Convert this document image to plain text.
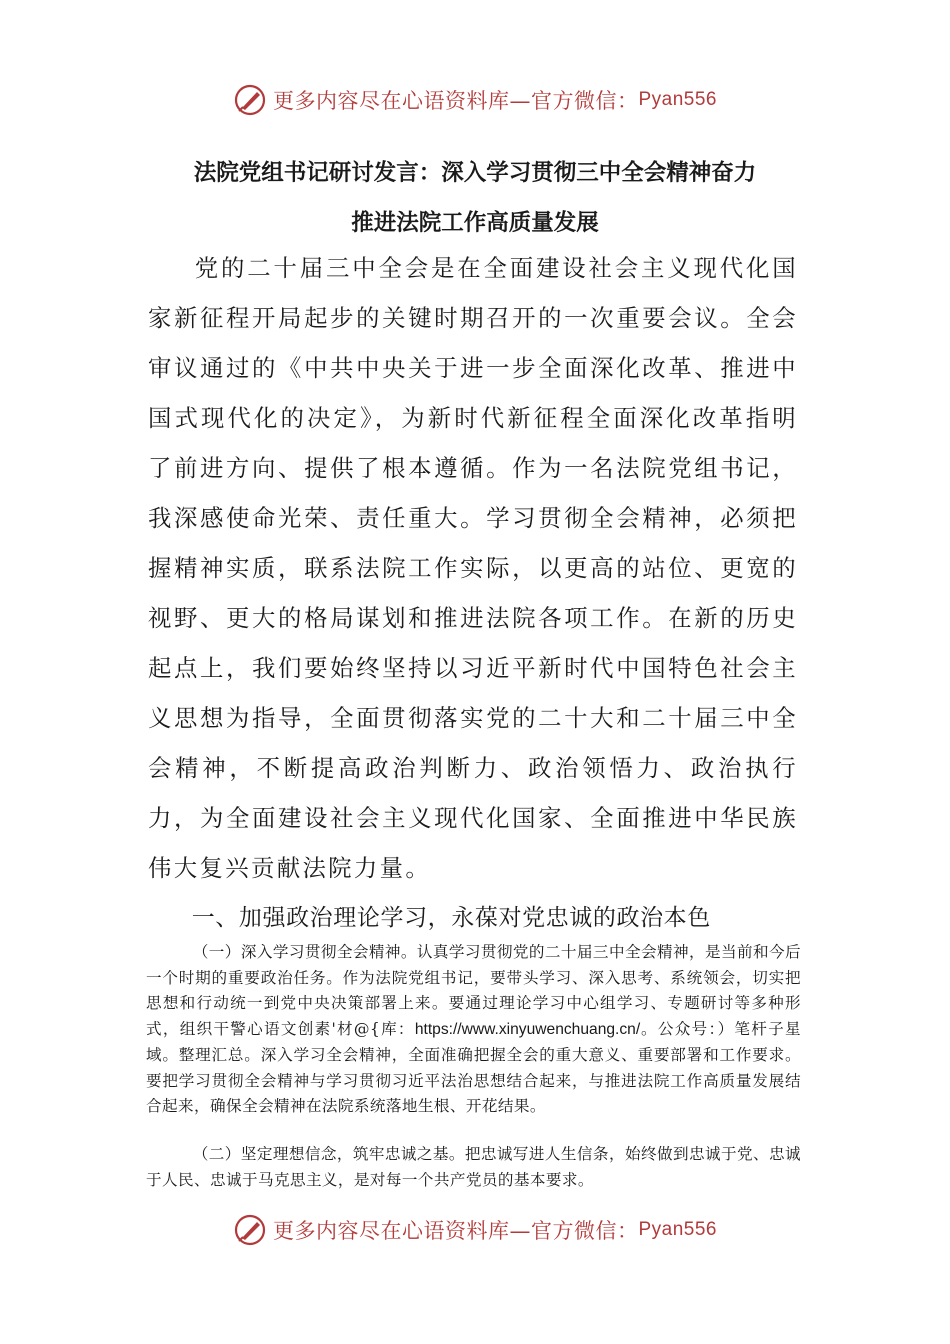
更多内容尽在心语资料库—官方微信： Pyan556
法院党组书记研讨发言：深入学习贯彻三中全会精神奋力
推进法院工作高质量发展

党的二十届三中全会是在全面建设社会主义现代化国家新征程开局起步的关键时期召开的一次重要会议。全会审议通过的《中共中央关于进一步全面深化改革、推进中国式现代化的决定》，为新时代新征程全面深化改革指明了前进方向、提供了根本遵循。作为一名法院党组书记，我深感使命光荣、责任重大。学习贯彻全会精神，必须把握精神实质，联系法院工作实际，以更高的站位、更宽的视野、更大的格局谋划和推进法院各项工作。在新的历史起点上，我们要始终坚持以习近平新时代中国特色社会主义思想为指导，全面贯彻落实党的二十大和二十届三中全会精神，不断提高政治判断力、政治领悟力、政治执行力，为全面建设社会主义现代化国家、全面推进中华民族伟大复兴贡献法院力量。

一、加强政治理论学习，永葆对党忠诚的政治本色

（一）深入学习贯彻全会精神。认真学习贯彻党的二十届三中全会精神，是当前和今后一个时期的重要政治任务。作为法院党组书记，要带头学习、深入思考、系统领会，切实把思想和行动统一到党中央决策部署上来。要通过理论学习中心组学习、专题研讨等多种形式，组织干警心语文创素'材@{库：https://www.xinyuwenchuang.cn/。公众号：）笔杆子星域。整理汇总。深入学习全会精神，全面准确把握全会的重大意义、重要部署和工作要求。要把学习贯彻全会精神与学习贯彻习近平法治思想结合起来，与推进法院工作高质量发展结合起来，确保全会精神在法院系统落地生根、开花结果。

（二）坚定理想信念，筑牢忠诚之基。把忠诚写进人生信条，始终做到忠诚于党、忠诚于人民、忠诚于马克思主义，是对每一个共产党员的基本要求。

更多内容尽在心语资料库—官方微信： Pyan556
